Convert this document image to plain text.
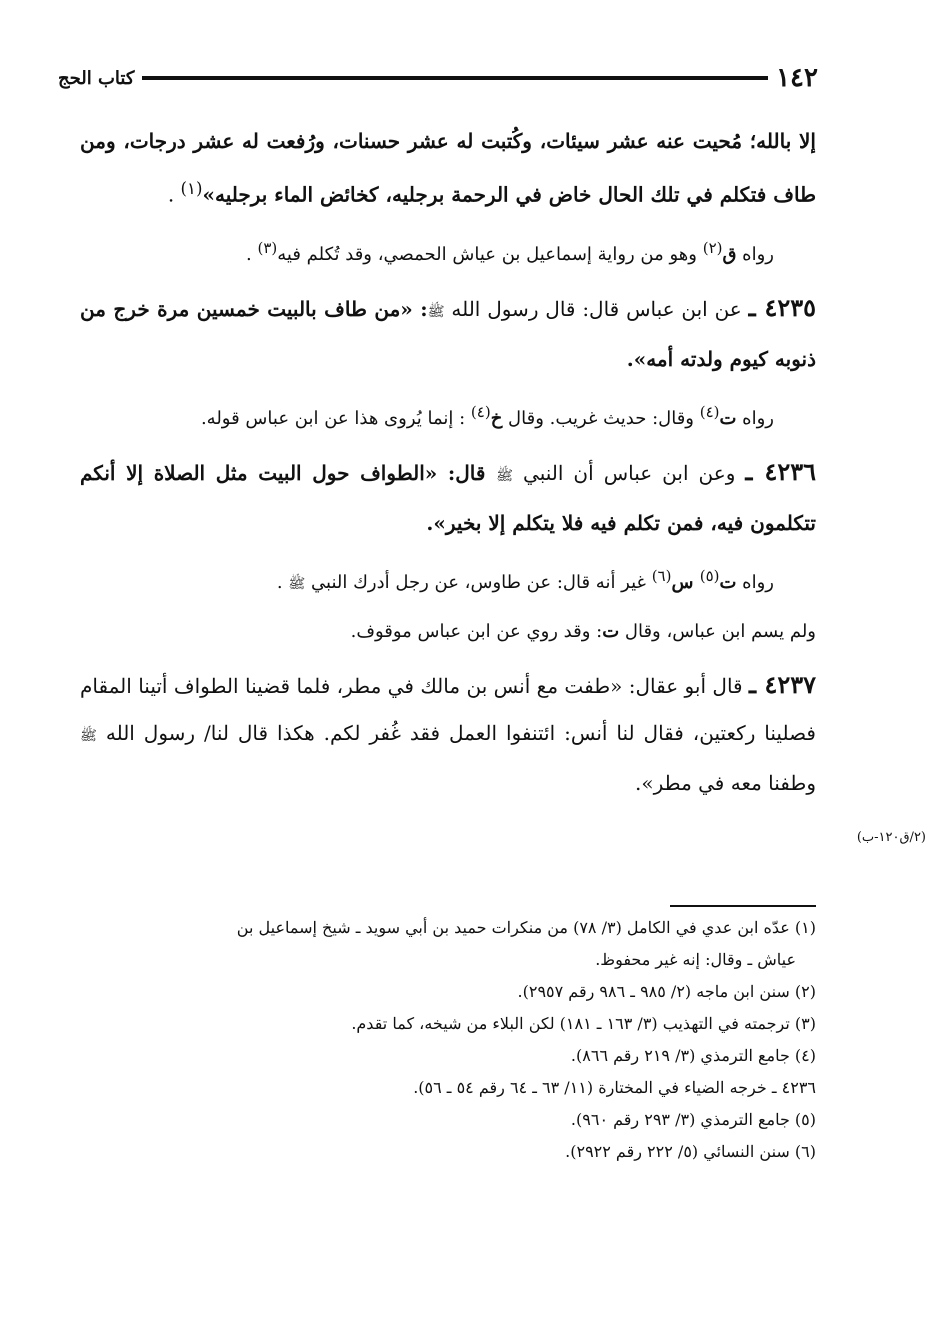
١٤٢
كتاب الحج

إلا بالله؛ مُحيت عنه عشر سيئات، وكُتبت له عشر حسنات، ورُفعت له عشر درجات، ومن طاف فتكلم في تلك الحال خاض في الرحمة برجليه، كخائض الماء برجليه»$^{(١)}$ .

رواه ق$^{(٢)}$ وهو من رواية إسماعيل بن عياش الحمصي، وقد تُكلم فيه$^{(٣)}$ .

٤٢٣٥ ـ عن ابن عباس قال: قال رسول الله ﷺ: «من طاف بالبيت خمسين مرة خرج من ذنوبه كيوم ولدته أمه».

رواه ت$^{(٤)}$ وقال: حديث غريب. وقال خ$^{(٤)}$ : إنما يُروى هذا عن ابن عباس قوله.

٤٢٣٦ ـ وعن ابن عباس أن النبي ﷺ قال: «الطواف حول البيت مثل الصلاة إلا أنكم تتكلمون فيه، فمن تكلم فيه فلا يتكلم إلا بخير».

رواه ت$^{(٥)}$ س$^{(٦)}$ غير أنه قال: عن طاوس، عن رجل أدرك النبي ﷺ .

ولم يسم ابن عباس، وقال ت: وقد روي عن ابن عباس موقوف.

٤٢٣٧ ـ قال أبو عقال: «طفت مع أنس بن مالك في مطر، فلما قضينا الطواف أتينا المقام فصلينا ركعتين، فقال لنا أنس: ائتنفوا العمل فقد غُفر لكم. هكذا قال لنا/ رسول الله ﷺ وطفنا معه في مطر».

(٢/ق١٢٠-ب)

(١) عدّه ابن عدي في الكامل (٣/ ٧٨) من منكرات حميد بن أبي سويد ـ شيخ إسماعيل بن

عياش ـ وقال: إنه غير محفوظ.

(٢) سنن ابن ماجه (٢/ ٩٨٥ ـ ٩٨٦ رقم ٢٩٥٧).

(٣) ترجمته في التهذيب (٣/ ١٦٣ ـ ١٨١) لكن البلاء من شيخه، كما تقدم.

(٤) جامع الترمذي (٣/ ٢١٩ رقم ٨٦٦).

٤٢٣٦ ـ خرجه الضياء في المختارة (١١/ ٦٣ ـ ٦٤ رقم ٥٤ ـ ٥٦).

(٥) جامع الترمذي (٣/ ٢٩٣ رقم ٩٦٠).

(٦) سنن النسائي (٥/ ٢٢٢ رقم ٢٩٢٢).
